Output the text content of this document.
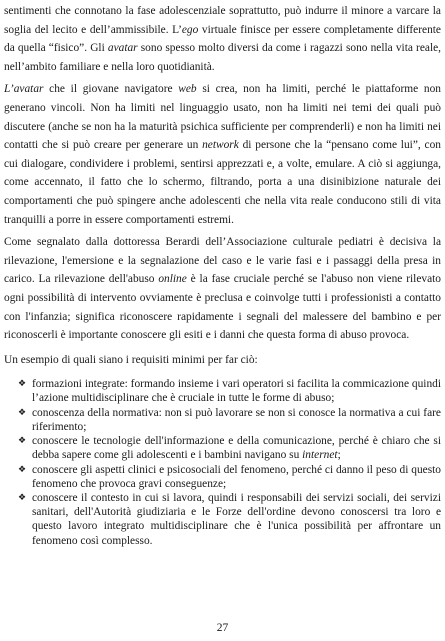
sentimenti che connotano la fase adolescenziale soprattutto, può indurre il minore a varcare la soglia del lecito e dell’ammissibile. L’ego virtuale finisce per essere completamente differente da quella “fisico”. Gli avatar sono spesso molto diversi da come i ragazzi sono nella vita reale, nell’ambito familiare e nella loro quotidianità.

L’avatar che il giovane navigatore web si crea, non ha limiti, perché le piattaforme non generano vincoli. Non ha limiti nel linguaggio usato, non ha limiti nei temi dei quali può discutere (anche se non ha la maturità psichica sufficiente per comprenderli) e non ha limiti nei contatti che si può creare per generare un network di persone che la “pensano come lui”, con cui dialogare, condividere i problemi, sentirsi apprezzati e, a volte, emulare. A ciò si aggiunga, come accennato, il fatto che lo schermo, filtrando, porta a una disinibizione naturale dei comportamenti che può spingere anche adolescenti che nella vita reale conducono stili di vita tranquilli a porre in essere comportamenti estremi.

Come segnalato dalla dottoressa Berardi dell’Associazione culturale pediatri è decisiva la rilevazione, l'emersione e la segnalazione del caso e le varie fasi e i passaggi della presa in carico. La rilevazione dell'abuso online è la fase cruciale perché se l'abuso non viene rilevato ogni possibilità di intervento ovviamente è preclusa e coinvolge tutti i professionisti a contatto con l'infanzia; significa riconoscere rapidamente i segnali del malessere del bambino e per riconoscerli è importante conoscere gli esiti e i danni che questa forma di abuso provoca.

Un esempio di quali siano i requisiti minimi per far ciò:

❖ formazioni integrate: formando insieme i vari operatori si facilita la commicazione quindi l’azione multidisciplinare che è cruciale in tutte le forme di abuso;
❖ conoscenza della normativa: non si può lavorare se non si conosce la normativa a cui fare riferimento;
❖ conoscere le tecnologie dell'informazione e della comunicazione, perché è chiaro che si debba sapere come gli adolescenti e i bambini navigano su internet;
❖ conoscere gli aspetti clinici e psicosociali del fenomeno, perché ci danno il peso di questo fenomeno che provoca gravi conseguenze;
❖ conoscere il contesto in cui si lavora, quindi i responsabili dei servizi sociali, dei servizi sanitari, dell'Autorità giudiziaria e le Forze dell'ordine devono conoscersi tra loro e questo lavoro integrato multidisciplinare che è l'unica possibilità per affrontare un fenomeno così complesso.
27
